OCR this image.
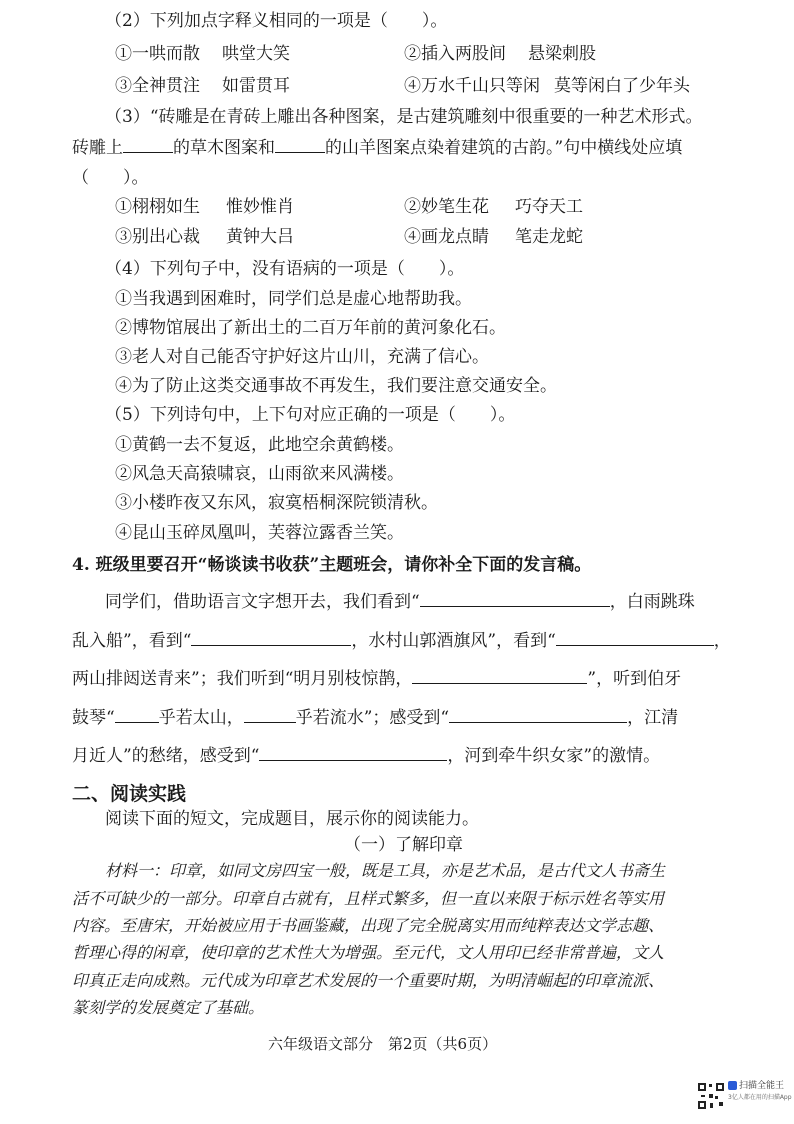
（2）下列加点字释义相同的一项是（　　）。
①一哄而散 哄堂大笑	②插入两股间 悬梁刺股
③全神贯注 如雷贯耳	④万水千山只等闲 莫等闲白了少年头
（3）“砖雕是在青砖上雕出各种图案，是古建筑雕刻中很重要的一种艺术形式。
砖雕上	的草木图案和	的山羊图案点染着建筑的古韵。”句中横线处应填
（　　）。
①栩栩如生 惟妙惟肖	②妙笔生花 巧夺天工
③别出心裁 黄钟大吕	④画龙点睛 笔走龙蛇
（4）下列句子中，没有语病的一项是（　　）。
①当我遇到困难时，同学们总是虚心地帮助我。
②博物馆展出了新出土的二百万年前的黄河象化石。
③老人对自己能否守护好这片山川，充满了信心。
④为了防止这类交通事故不再发生，我们要注意交通安全。
（5）下列诗句中，上下句对应正确的一项是（　　）。
①黄鹤一去不复返，此地空余黄鹤楼。
②风急天高猿啸哀，山雨欲来风满楼。
③小楼昨夜又东风，寂寞梧桐深院锁清秋。
④昆山玉碎凤凰叫，芙蓉泣露香兰笑。
4. 班级里要召开“畅谈读书收获”主题班会，请你补全下面的发言稿。
同学们，借助语言文字想开去，我们看到“	，白雨跳珠
乱入船”，看到“	，水村山郭酒旗风”，看到“	，
两山排闼送青来”；我们听到“明月别枝惊鹊，	”，听到伯牙
鼓琴“	乎若太山，	乎若流水”；感受到“	，江清
月近人”的愁绪，感受到“	，河到牵牛织女家”的激情。
二、阅读实践
阅读下面的短文，完成题目，展示你的阅读能力。
（一）了解印章
材料一：印章，如同文房四宝一般，既是工具，亦是艺术品，是古代文人书斋生
活不可缺少的一部分。印章自古就有，且样式繁多，但一直以来限于标示姓名等实用
内容。至唐宋，开始被应用于书画鉴藏，出现了完全脱离实用而纯粹表达文学志趣、
哲理心得的闲章，使印章的艺术性大为增强。至元代，文人用印已经非常普遍，文人
印真正走向成熟。元代成为印章艺术发展的一个重要时期，为明清崛起的印章流派、
篆刻学的发展奠定了基础。
六年级语文部分　第2页（共6页）
扫描全能王
3亿人都在用的扫描App
